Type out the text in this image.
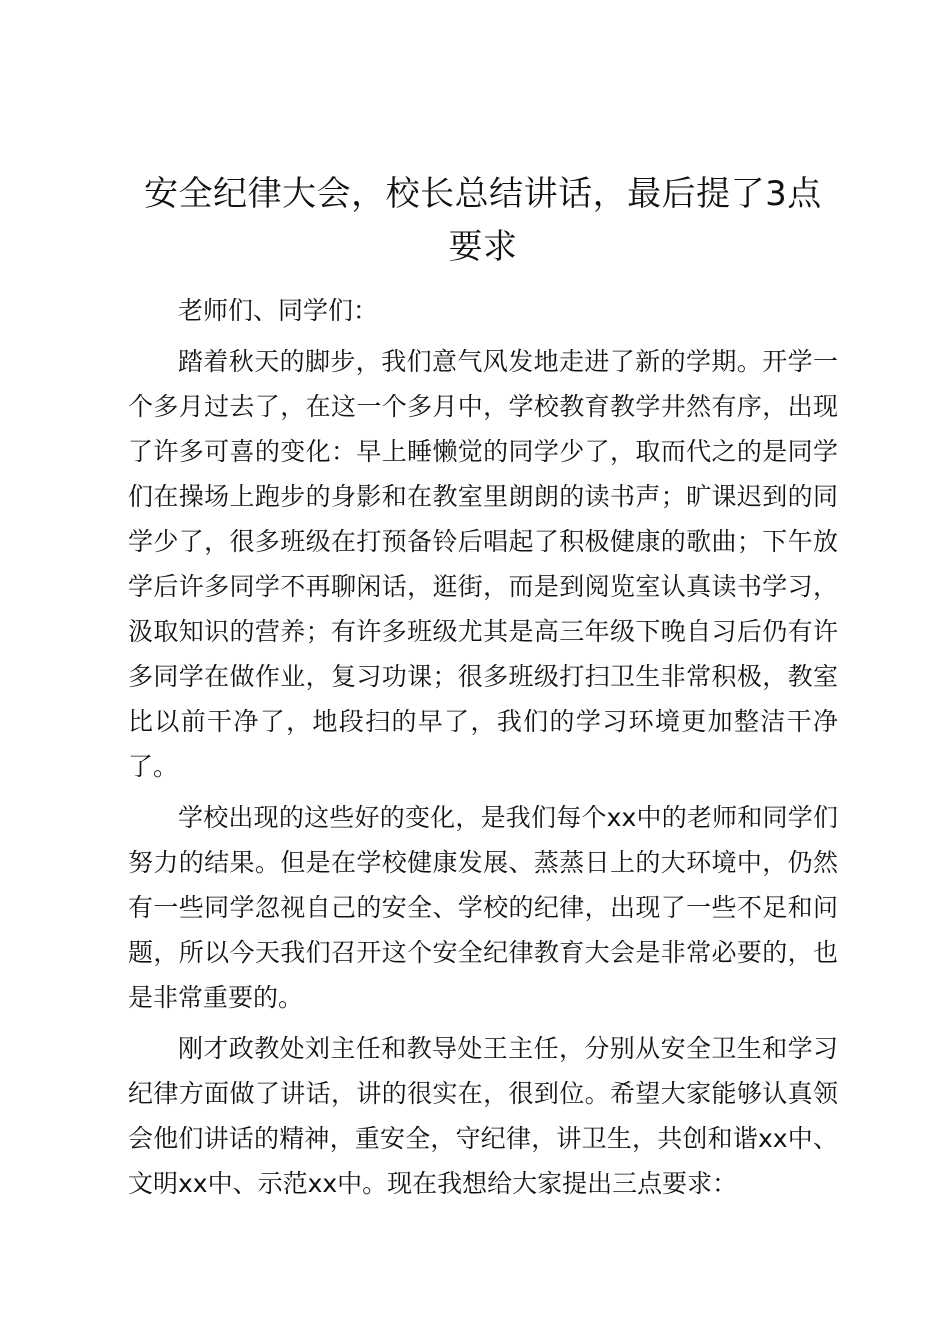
安全纪律大会，校长总结讲话，最后提了3点要求

老师们、同学们：

踏着秋天的脚步，我们意气风发地走进了新的学期。开学一个多月过去了，在这一个多月中，学校教育教学井然有序，出现了许多可喜的变化：早上睡懒觉的同学少了，取而代之的是同学们在操场上跑步的身影和在教室里朗朗的读书声；旷课迟到的同学少了，很多班级在打预备铃后唱起了积极健康的歌曲；下午放学后许多同学不再聊闲话，逛街，而是到阅览室认真读书学习，汲取知识的营养；有许多班级尤其是高三年级下晚自习后仍有许多同学在做作业，复习功课；很多班级打扫卫生非常积极，教室比以前干净了，地段扫的早了，我们的学习环境更加整洁干净了。

学校出现的这些好的变化，是我们每个xx中的老师和同学们努力的结果。但是在学校健康发展、蒸蒸日上的大环境中，仍然有一些同学忽视自己的安全、学校的纪律，出现了一些不足和问题，所以今天我们召开这个安全纪律教育大会是非常必要的，也是非常重要的。

刚才政教处刘主任和教导处王主任，分别从安全卫生和学习纪律方面做了讲话，讲的很实在，很到位。希望大家能够认真领会他们讲话的精神，重安全，守纪律，讲卫生，共创和谐xx中、文明xx中、示范xx中。现在我想给大家提出三点要求：
